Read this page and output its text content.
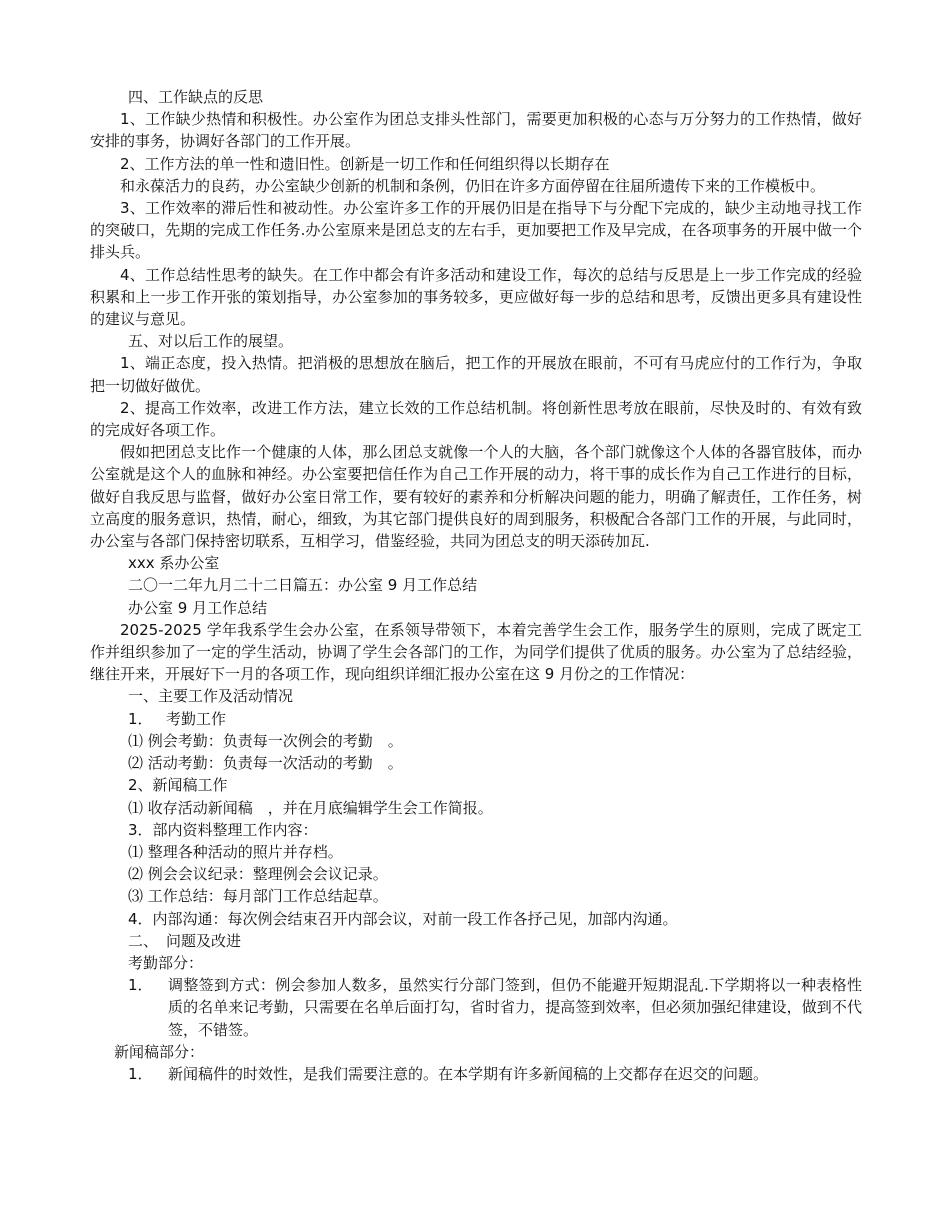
四、工作缺点的反思
1、工作缺少热情和积极性。办公室作为团总支排头性部门，需要更加积极的心态与万分努力的工作热情，做好安排的事务，协调好各部门的工作开展。
2、工作方法的单一性和遗旧性。创新是一切工作和任何组织得以长期存在
和永葆活力的良药，办公室缺少创新的机制和条例，仍旧在许多方面停留在往届所遗传下来的工作模板中。
3、工作效率的滞后性和被动性。办公室许多工作的开展仍旧是在指导下与分配下完成的，缺少主动地寻找工作的突破口，先期的完成工作任务.办公室原来是团总支的左右手，更加要把工作及早完成，在各项事务的开展中做一个排头兵。
4、工作总结性思考的缺失。在工作中都会有许多活动和建设工作，每次的总结与反思是上一步工作完成的经验积累和上一步工作开张的策划指导，办公室参加的事务较多，更应做好每一步的总结和思考，反馈出更多具有建设性的建议与意见。
五、对以后工作的展望。
1、端正态度，投入热情。把消极的思想放在脑后，把工作的开展放在眼前，不可有马虎应付的工作行为，争取把一切做好做优。
2、提高工作效率，改进工作方法，建立长效的工作总结机制。将创新性思考放在眼前，尽快及时的、有效有致的完成好各项工作。
假如把团总支比作一个健康的人体，那么团总支就像一个人的大脑，各个部门就像这个人体的各器官肢体，而办公室就是这个人的血脉和神经。办公室要把信任作为自己工作开展的动力，将干事的成长作为自己工作进行的目标，做好自我反思与监督，做好办公室日常工作，要有较好的素养和分析解决问题的能力，明确了解责任，工作任务，树立高度的服务意识，热情，耐心，细致，为其它部门提供良好的周到服务，积极配合各部门工作的开展，与此同时，办公室与各部门保持密切联系，互相学习，借鉴经验，共同为团总支的明天添砖加瓦.
xxx 系办公室
二〇一二年九月二十二日篇五：办公室 9 月工作总结
办公室 9 月工作总结
2025-2025 学年我系学生会办公室，在系领导带领下，本着完善学生会工作，服务学生的原则，完成了既定工作并组织参加了一定的学生活动，协调了学生会各部门的工作，为同学们提供了优质的服务。办公室为了总结经验，继往开来，开展好下一月的各项工作，现向组织详细汇报办公室在这 9 月份之的工作情况：
一、主要工作及活动情况
1． 考勤工作
⑴ 例会考勤：负责每一次例会的考勤　。
⑵ 活动考勤：负责每一次活动的考勤　。
2、新闻稿工作
⑴ 收存活动新闻稿　，并在月底编辑学生会工作简报。
3．部内资料整理工作内容：
⑴ 整理各种活动的照片并存档。
⑵ 例会会议纪录：整理例会会议记录。
⑶ 工作总结：每月部门工作总结起草。
4．内部沟通：每次例会结束召开内部会议，对前一段工作各抒己见，加部内沟通。
二、 问题及改进
考勤部分：
1．	调整签到方式：例会参加人数多，虽然实行分部门签到，但仍不能避开短期混乱.下学期将以一种表格性质的名单来记考勤，只需要在名单后面打勾，省时省力，提高签到效率，但必须加强纪律建设，做到不代签，不错签。
新闻稿部分：
1．	新闻稿件的时效性，是我们需要注意的。在本学期有许多新闻稿的上交都存在迟交的问题。
